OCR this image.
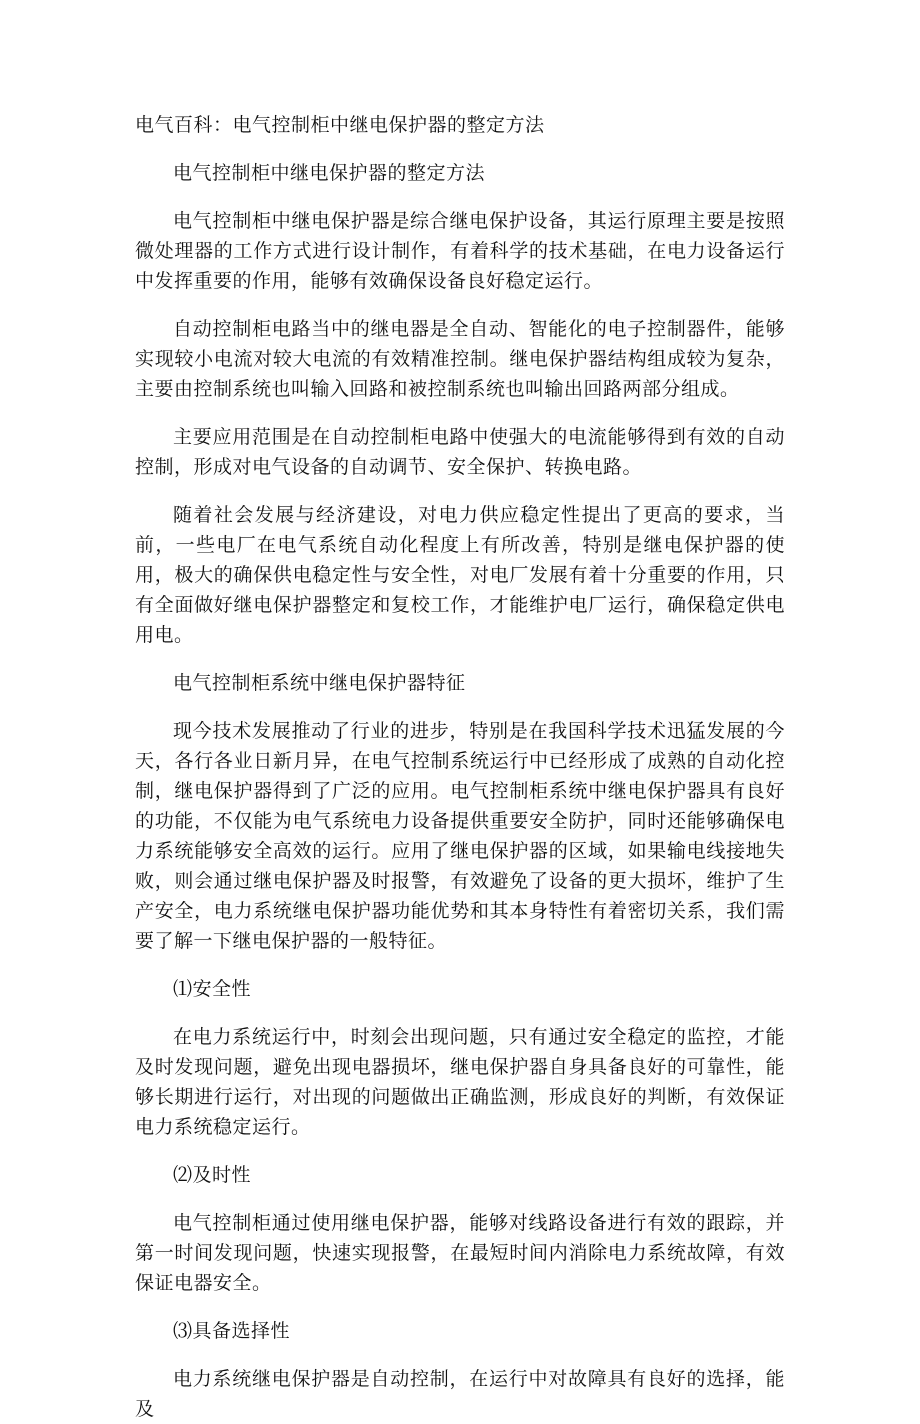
电气百科：电气控制柜中继电保护器的整定方法
电气控制柜中继电保护器的整定方法
电气控制柜中继电保护器是综合继电保护设备，其运行原理主要是按照微处理器的工作方式进行设计制作，有着科学的技术基础，在电力设备运行中发挥重要的作用，能够有效确保设备良好稳定运行。
自动控制柜电路当中的继电器是全自动、智能化的电子控制器件，能够实现较小电流对较大电流的有效精准控制。继电保护器结构组成较为复杂，主要由控制系统也叫输入回路和被控制系统也叫输出回路两部分组成。
主要应用范围是在自动控制柜电路中使强大的电流能够得到有效的自动控制，形成对电气设备的自动调节、安全保护、转换电路。
随着社会发展与经济建设，对电力供应稳定性提出了更高的要求，当前，一些电厂在电气系统自动化程度上有所改善，特别是继电保护器的使用，极大的确保供电稳定性与安全性，对电厂发展有着十分重要的作用，只有全面做好继电保护器整定和复校工作，才能维护电厂运行，确保稳定供电用电。
电气控制柜系统中继电保护器特征
现今技术发展推动了行业的进步，特别是在我国科学技术迅猛发展的今天，各行各业日新月异，在电气控制系统运行中已经形成了成熟的自动化控制，继电保护器得到了广泛的应用。电气控制柜系统中继电保护器具有良好的功能，不仅能为电气系统电力设备提供重要安全防护，同时还能够确保电力系统能够安全高效的运行。应用了继电保护器的区域，如果输电线接地失败，则会通过继电保护器及时报警，有效避免了设备的更大损坏，维护了生产安全，电力系统继电保护器功能优势和其本身特性有着密切关系，我们需要了解一下继电保护器的一般特征。
⑴安全性
在电力系统运行中，时刻会出现问题，只有通过安全稳定的监控，才能及时发现问题，避免出现电器损坏，继电保护器自身具备良好的可靠性，能够长期进行运行，对出现的问题做出正确监测，形成良好的判断，有效保证电力系统稳定运行。
⑵及时性
电气控制柜通过使用继电保护器，能够对线路设备进行有效的跟踪，并第一时间发现问题，快速实现报警，在最短时间内消除电力系统故障，有效保证电器安全。
⑶具备选择性
电力系统继电保护器是自动控制，在运行中对故障具有良好的选择，能及
